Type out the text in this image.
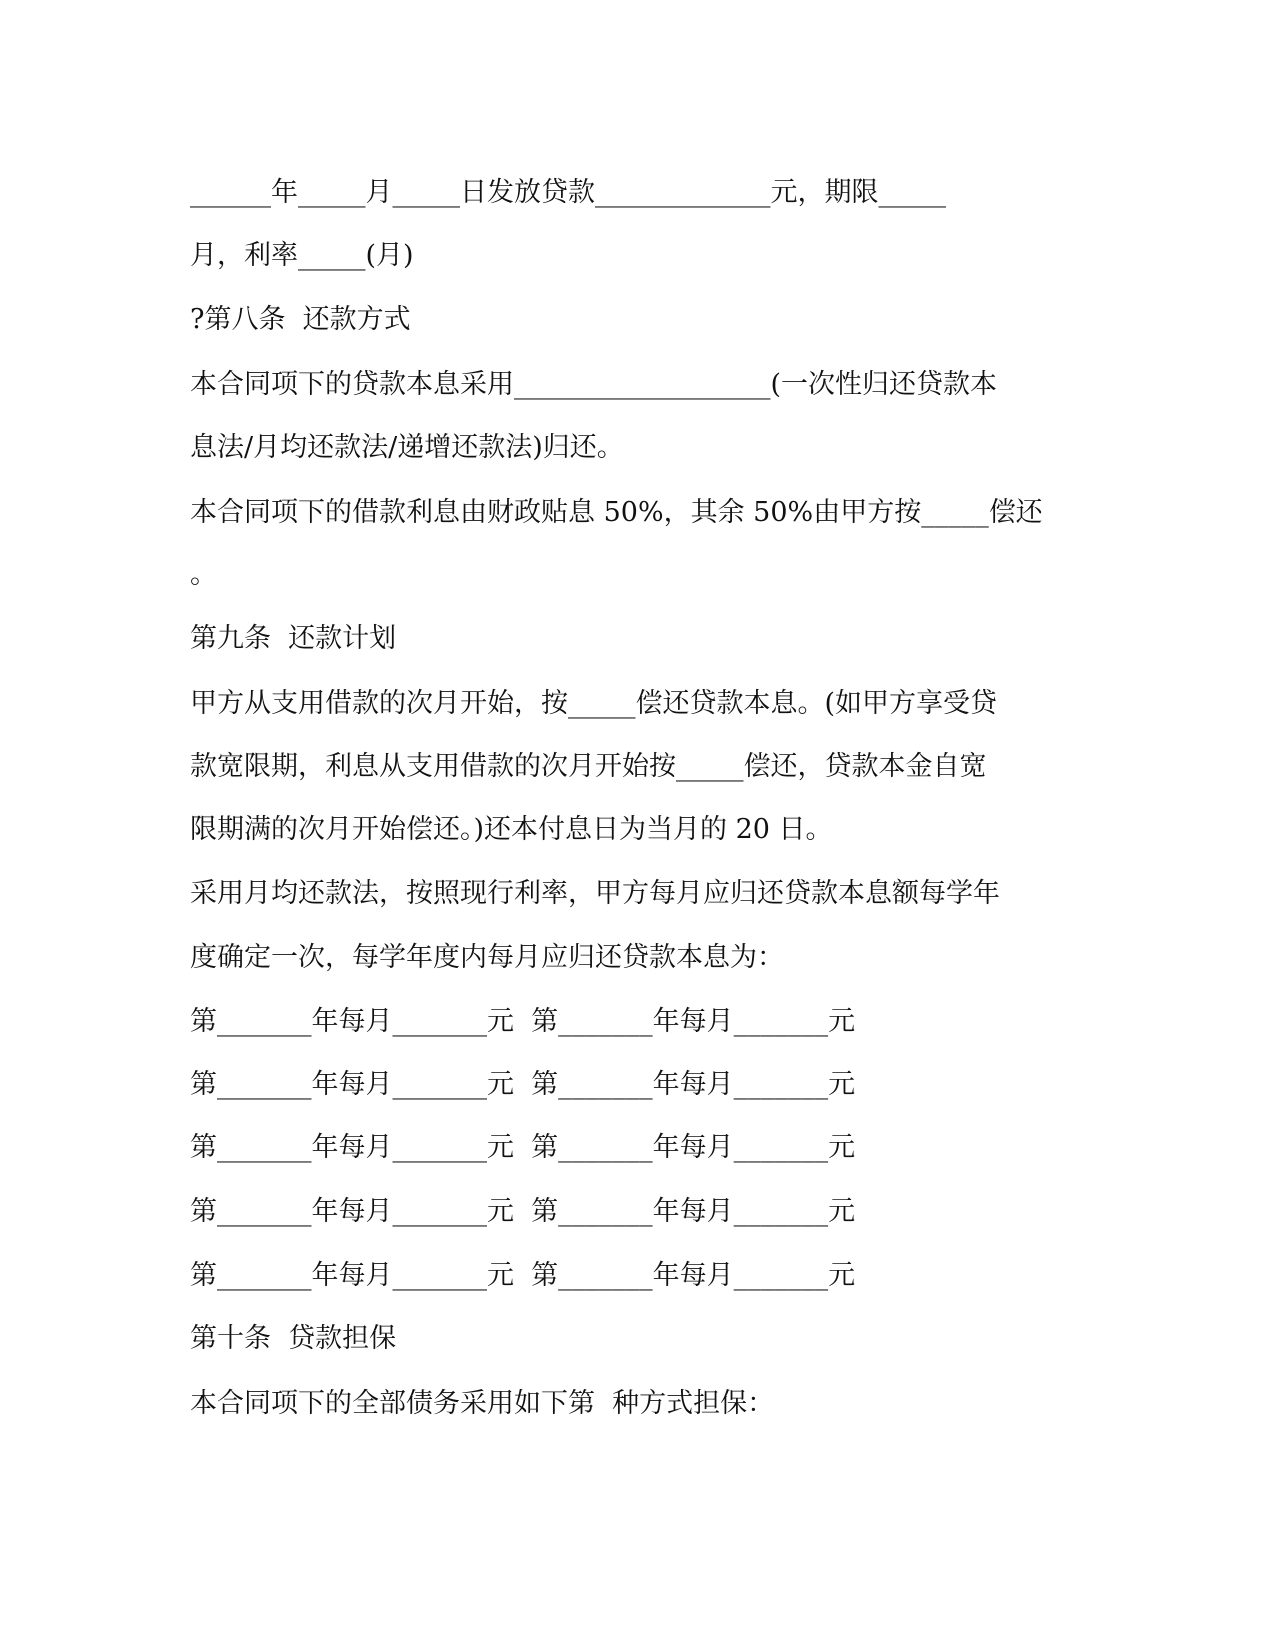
______年_____月_____日发放贷款_____________元，期限_____
月，利率_____(月)
?第八条  还款方式
本合同项下的贷款本息采用___________________(一次性归还贷款本
息法/月均还款法/递增还款法)归还。
本合同项下的借款利息由财政贴息 50%，其余 50%由甲方按_____偿还
。
第九条  还款计划
甲方从支用借款的次月开始，按_____偿还贷款本息。(如甲方享受贷
款宽限期，利息从支用借款的次月开始按_____偿还，贷款本金自宽
限期满的次月开始偿还。)还本付息日为当月的 20 日。
采用月均还款法，按照现行利率，甲方每月应归还贷款本息额每学年
度确定一次，每学年度内每月应归还贷款本息为：
第_______年每月_______元  第_______年每月_______元
第_______年每月_______元  第_______年每月_______元
第_______年每月_______元  第_______年每月_______元
第_______年每月_______元  第_______年每月_______元
第_______年每月_______元  第_______年每月_______元
第十条  贷款担保
本合同项下的全部债务采用如下第  种方式担保：
